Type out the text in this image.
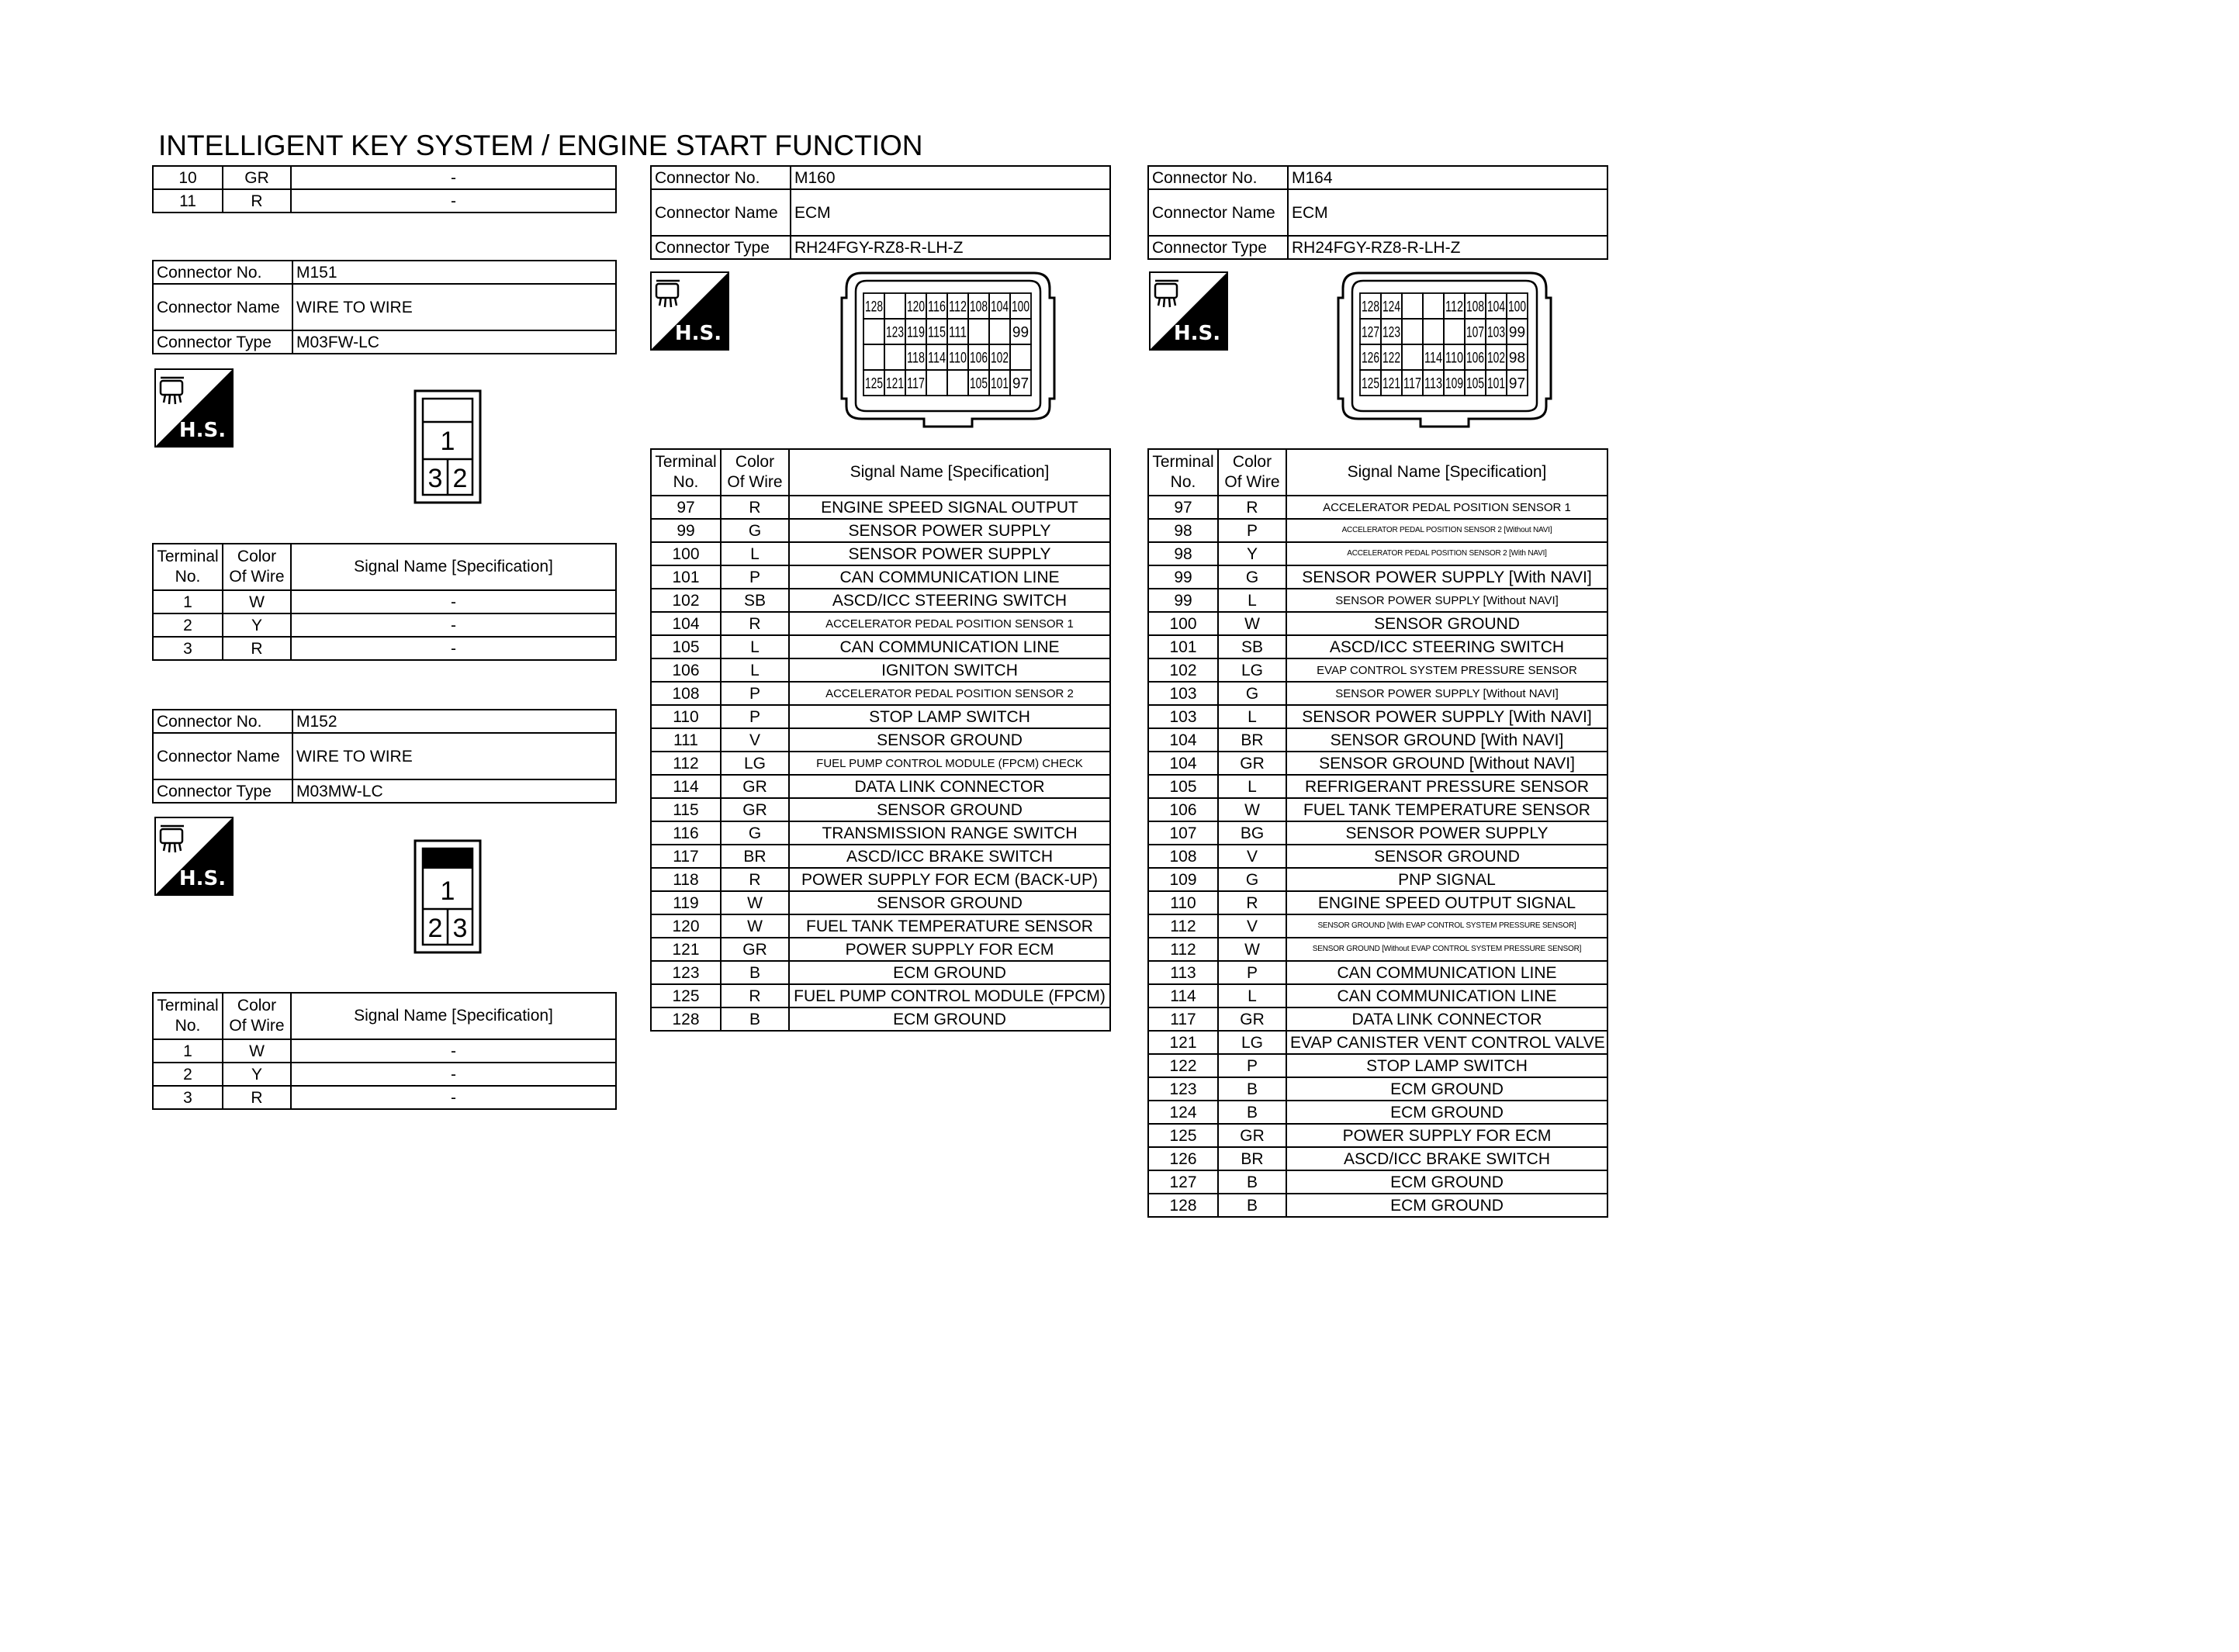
INTELLIGENT KEY SYSTEM / ENGINE START FUNCTION
10	GR	-
11	R	-
Connector No.	M151
Connector Name	WIRE TO WIRE
Connector Type	M03FW-LC
H.S.	1
3 2
Terminal No.	Color Of Wire	Signal Name [Specification]
1	W	-
2	Y	-
3	R	-
Connector No.	M152
Connector Name	WIRE TO WIRE
Connector Type	M03MW-LC
H.S.	1
2 3
Terminal No.	Color Of Wire	Signal Name [Specification]
1	W	-
2	Y	-
3	R	-
Connector No.	M160
Connector Name	ECM
Connector Type	RH24FGY-RZ8-R-LH-Z
H.S.
128 120 116 112 108 104 100
123 119 115 111	99
118 114 110 106 102
125 121 117	105 101 97
Terminal No.	Color Of Wire	Signal Name [Specification]
97	R	ENGINE SPEED SIGNAL OUTPUT
99	G	SENSOR POWER SUPPLY
100	L	SENSOR POWER SUPPLY
101	P	CAN COMMUNICATION LINE
102	SB	ASCD/ICC STEERING SWITCH
104	R	ACCELERATOR PEDAL POSITION SENSOR 1
105	L	CAN COMMUNICATION LINE
106	L	IGNITON SWITCH
108	P	ACCELERATOR PEDAL POSITION SENSOR 2
110	P	STOP LAMP SWITCH
111	V	SENSOR GROUND
112	LG	FUEL PUMP CONTROL MODULE (FPCM) CHECK
114	GR	DATA LINK CONNECTOR
115	GR	SENSOR GROUND
116	G	TRANSMISSION RANGE SWITCH
117	BR	ASCD/ICC BRAKE SWITCH
118	R	POWER SUPPLY FOR ECM (BACK-UP)
119	W	SENSOR GROUND
120	W	FUEL TANK TEMPERATURE SENSOR
121	GR	POWER SUPPLY FOR ECM
123	B	ECM GROUND
125	R	FUEL PUMP CONTROL MODULE (FPCM)
128	B	ECM GROUND
Connector No.	M164
Connector Name	ECM
Connector Type	RH24FGY-RZ8-R-LH-Z
H.S.
128 124	112 108 104 100
127 123	107 103 99
126 122 114 110 106 102 98
125 121 117 113 109 105 101 97
Terminal No.	Color Of Wire	Signal Name [Specification]
97	R	ACCELERATOR PEDAL POSITION SENSOR 1
98	P	ACCELERATOR PEDAL POSITION SENSOR 2 [Without NAVI]
98	Y	ACCELERATOR PEDAL POSITION SENSOR 2 [With NAVI]
99	G	SENSOR POWER SUPPLY [With NAVI]
99	L	SENSOR POWER SUPPLY [Without NAVI]
100	W	SENSOR GROUND
101	SB	ASCD/ICC STEERING SWITCH
102	LG	EVAP CONTROL SYSTEM PRESSURE SENSOR
103	G	SENSOR POWER SUPPLY [Without NAVI]
103	L	SENSOR POWER SUPPLY [With NAVI]
104	BR	SENSOR GROUND [With NAVI]
104	GR	SENSOR GROUND [Without NAVI]
105	L	REFRIGERANT PRESSURE SENSOR
106	W	FUEL TANK TEMPERATURE SENSOR
107	BG	SENSOR POWER SUPPLY
108	V	SENSOR GROUND
109	G	PNP SIGNAL
110	R	ENGINE SPEED OUTPUT SIGNAL
112	V	SENSOR GROUND [With EVAP CONTROL SYSTEM PRESSURE SENSOR]
112	W	SENSOR GROUND [Without EVAP CONTROL SYSTEM PRESSURE SENSOR]
113	P	CAN COMMUNICATION LINE
114	L	CAN COMMUNICATION LINE
117	GR	DATA LINK CONNECTOR
121	LG	EVAP CANISTER VENT CONTROL VALVE
122	P	STOP LAMP SWITCH
123	B	ECM GROUND
124	B	ECM GROUND
125	GR	POWER SUPPLY FOR ECM
126	BR	ASCD/ICC BRAKE SWITCH
127	B	ECM GROUND
128	B	ECM GROUND
